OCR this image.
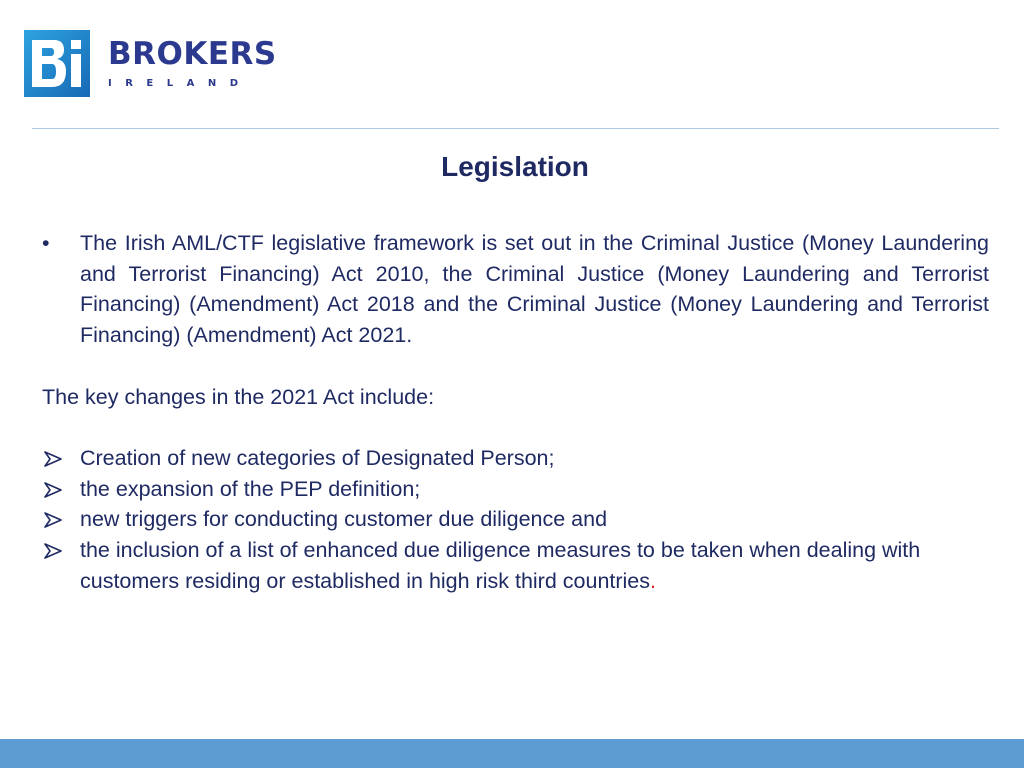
BROKERS
IRELAND
Legislation
•	The Irish AML/CTF legislative framework is set out in the Criminal Justice (Money Laundering and Terrorist Financing) Act 2010, the Criminal Justice (Money Laundering and Terrorist Financing) (Amendment) Act 2018 and the Criminal Justice (Money Laundering and Terrorist Financing) (Amendment) Act 2021.
The key changes in the 2021 Act include:
Creation of new categories of Designated Person;
the expansion of the PEP definition;
new triggers for conducting customer due diligence and
the inclusion of a list of enhanced due diligence measures to be taken when dealing with customers residing or established in high risk third countries.
